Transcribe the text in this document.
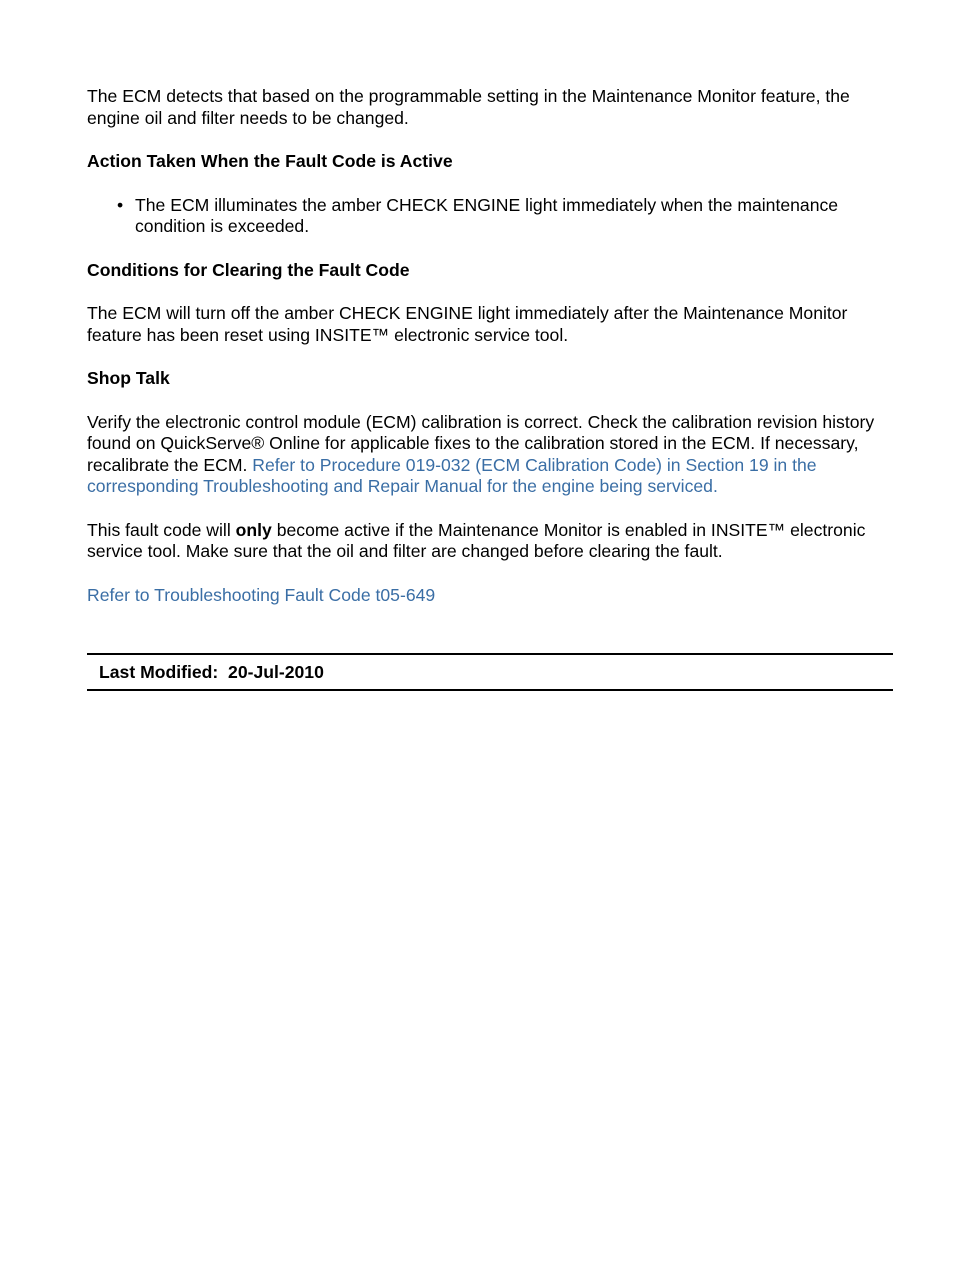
The ECM detects that based on the programmable setting in the Maintenance Monitor feature, the engine oil and filter needs to be changed.

Action Taken When the Fault Code is Active
• The ECM illuminates the amber CHECK ENGINE light immediately when the maintenance condition is exceeded.
Conditions for Clearing the Fault Code

The ECM will turn off the amber CHECK ENGINE light immediately after the Maintenance Monitor feature has been reset using INSITE™ electronic service tool.

Shop Talk

Verify the electronic control module (ECM) calibration is correct. Check the calibration revision history found on QuickServe® Online for applicable fixes to the calibration stored in the ECM. If necessary, recalibrate the ECM. Refer to Procedure 019-032 (ECM Calibration Code) in Section 19 in the corresponding Troubleshooting and Repair Manual for the engine being serviced.

This fault code will only become active if the Maintenance Monitor is enabled in INSITE™ electronic service tool. Make sure that the oil and filter are changed before clearing the fault.

Refer to Troubleshooting Fault Code t05-649

Last Modified: 20-Jul-2010
